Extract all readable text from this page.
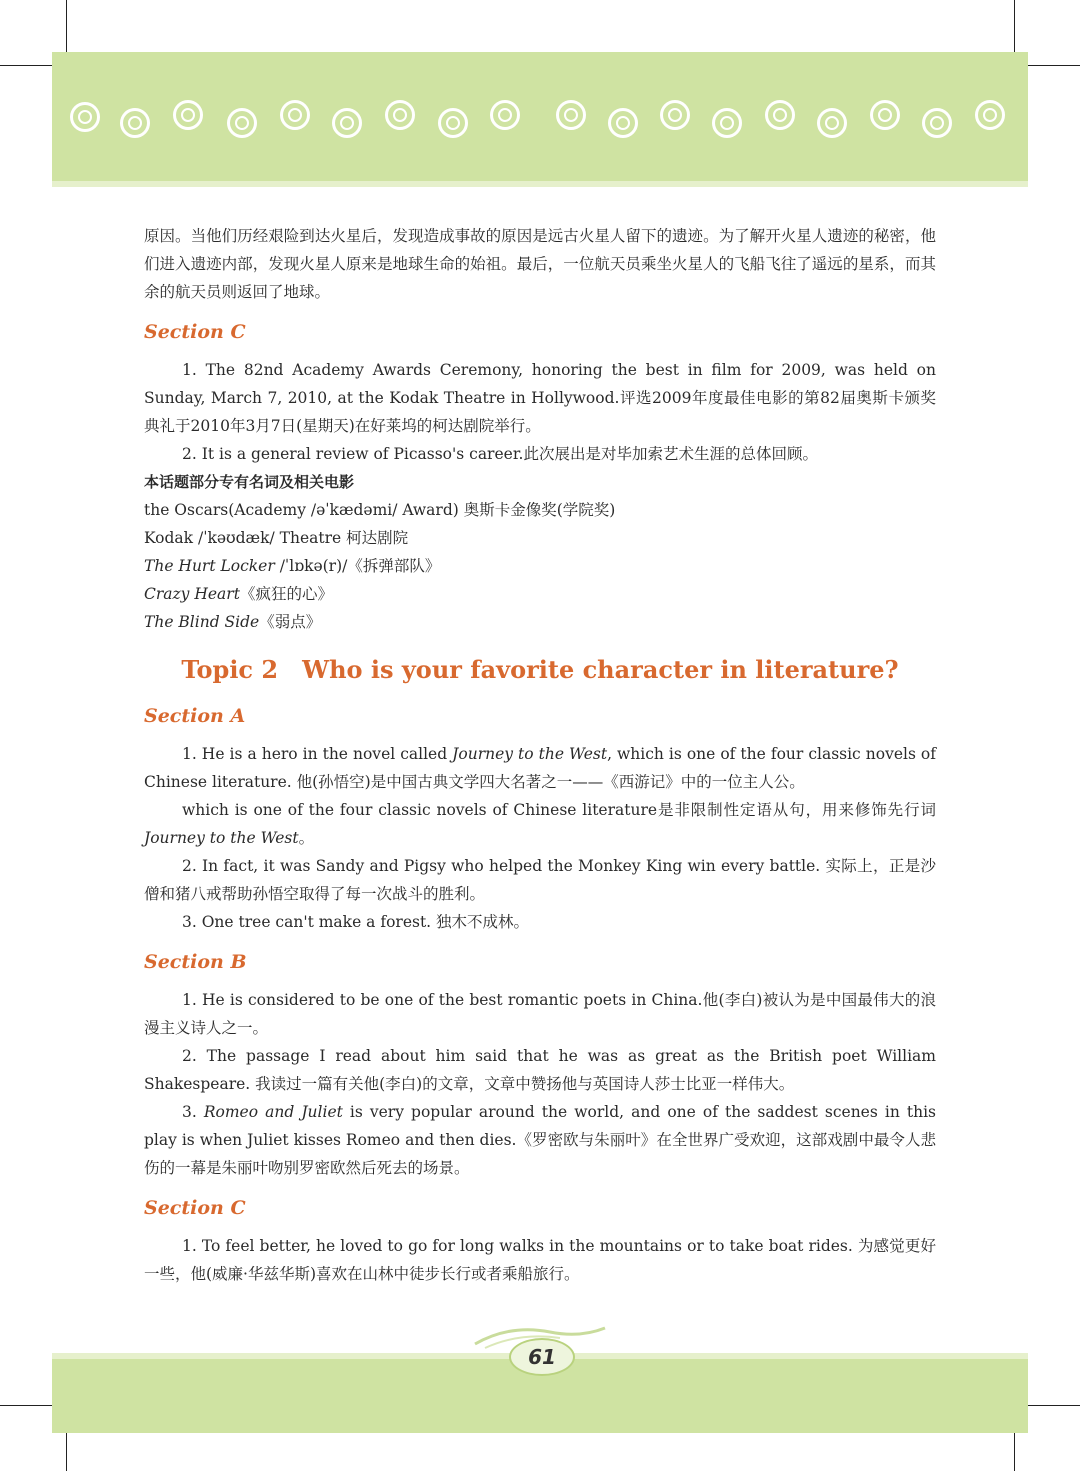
原因。当他们历经艰险到达火星后，发现造成事故的原因是远古火星人留下的遗迹。为了解开火星人遗迹的秘密，他们进入遗迹内部，发现火星人原来是地球生命的始祖。最后，一位航天员乘坐火星人的飞船飞往了遥远的星系，而其余的航天员则返回了地球。

Section C

1. The 82nd Academy Awards Ceremony, honoring the best in film for 2009, was held on Sunday, March 7, 2010, at the Kodak Theatre in Hollywood.评选2009年度最佳电影的第82届奥斯卡颁奖典礼于2010年3月7日(星期天)在好莱坞的柯达剧院举行。

2. It is a general review of Picasso's career.此次展出是对毕加索艺术生涯的总体回顾。

本话题部分专有名词及相关电影

the Oscars(Academy /əˈkædəmi/ Award) 奥斯卡金像奖(学院奖)

Kodak /ˈkəʊdæk/ Theatre 柯达剧院

The Hurt Locker /ˈlɒkə(r)/《拆弹部队》

Crazy Heart《疯狂的心》

The Blind Side《弱点》

Topic 2 Who is your favorite character in literature?

Section A

1. He is a hero in the novel called Journey to the West, which is one of the four classic novels of Chinese literature. 他(孙悟空)是中国古典文学四大名著之一——《西游记》中的一位主人公。

which is one of the four classic novels of Chinese literature是非限制性定语从句，用来修饰先行词Journey to the West。

2. In fact, it was Sandy and Pigsy who helped the Monkey King win every battle. 实际上，正是沙僧和猪八戒帮助孙悟空取得了每一次战斗的胜利。

3. One tree can't make a forest. 独木不成林。

Section B

1. He is considered to be one of the best romantic poets in China.他(李白)被认为是中国最伟大的浪漫主义诗人之一。

2. The passage I read about him said that he was as great as the British poet William Shakespeare. 我读过一篇有关他(李白)的文章，文章中赞扬他与英国诗人莎士比亚一样伟大。

3. Romeo and Juliet is very popular around the world, and one of the saddest scenes in this play is when Juliet kisses Romeo and then dies.《罗密欧与朱丽叶》在全世界广受欢迎，这部戏剧中最令人悲伤的一幕是朱丽叶吻别罗密欧然后死去的场景。

Section C

1. To feel better, he loved to go for long walks in the mountains or to take boat rides. 为感觉更好一些，他(威廉·华兹华斯)喜欢在山林中徒步长行或者乘船旅行。

61
